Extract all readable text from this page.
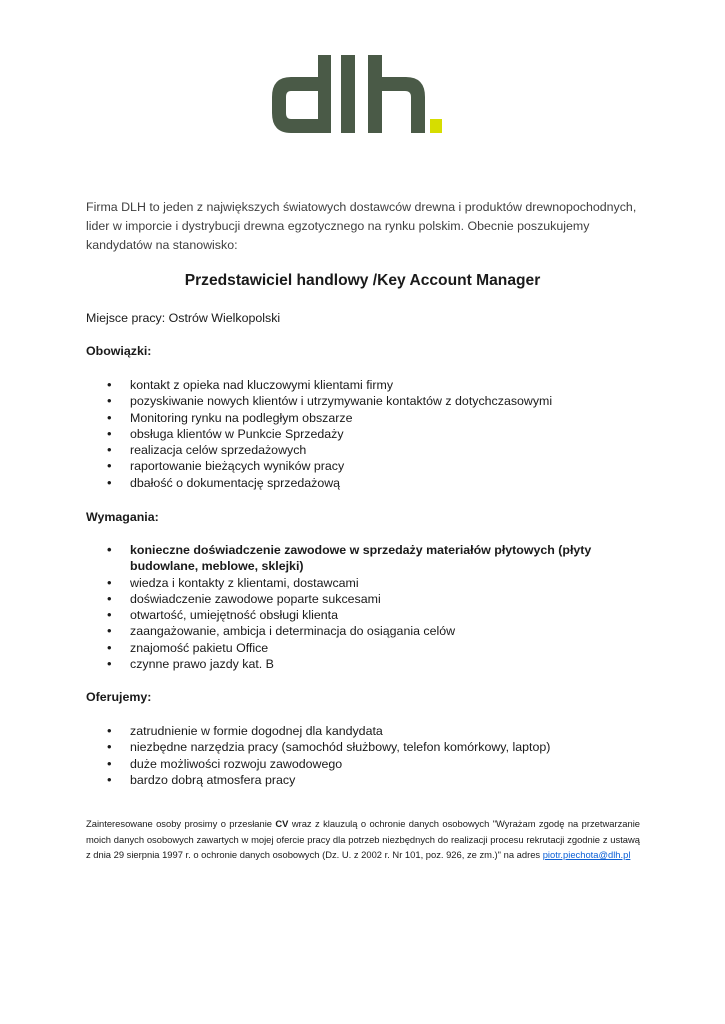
Firma DLH to jeden z największych światowych dostawców drewna i produktów drewnopochodnych, lider w imporcie i dystrybucji drewna egzotycznego na rynku polskim. Obecnie poszukujemy kandydatów na stanowisko:

Przedstawiciel handlowy /Key Account Manager

Miejsce pracy: Ostrów Wielkopolski

Obowiązki:
• kontakt z opieka nad kluczowymi klientami firmy
• pozyskiwanie nowych klientów i utrzymywanie kontaktów z dotychczasowymi
• Monitoring rynku na podległym obszarze
• obsługa klientów w Punkcie Sprzedaży
• realizacja celów sprzedażowych
• raportowanie bieżących wyników pracy
• dbałość o dokumentację sprzedażową
Wymagania:
• konieczne doświadczenie zawodowe w sprzedaży materiałów płytowych (płyty budowlane, meblowe, sklejki)
• wiedza i kontakty z klientami, dostawcami
• doświadczenie zawodowe poparte sukcesami
• otwartość, umiejętność obsługi klienta
• zaangażowanie, ambicja i determinacja do osiągania celów
• znajomość pakietu Office
• czynne prawo jazdy kat. B
Oferujemy:
• zatrudnienie w formie dogodnej dla kandydata
• niezbędne narzędzia pracy (samochód służbowy, telefon komórkowy, laptop)
• duże możliwości rozwoju zawodowego
• bardzo dobrą atmosfera pracy

Zainteresowane osoby prosimy o przesłanie CV wraz z klauzulą o ochronie danych osobowych "Wyrażam zgodę na przetwarzanie moich danych osobowych zawartych w mojej ofercie pracy dla potrzeb niezbędnych do realizacji procesu rekrutacji zgodnie z ustawą z dnia 29 sierpnia 1997 r. o ochronie danych osobowych (Dz. U. z 2002 r. Nr 101, poz. 926, ze zm.)" na adres piotr.piechota@dlh.pl
